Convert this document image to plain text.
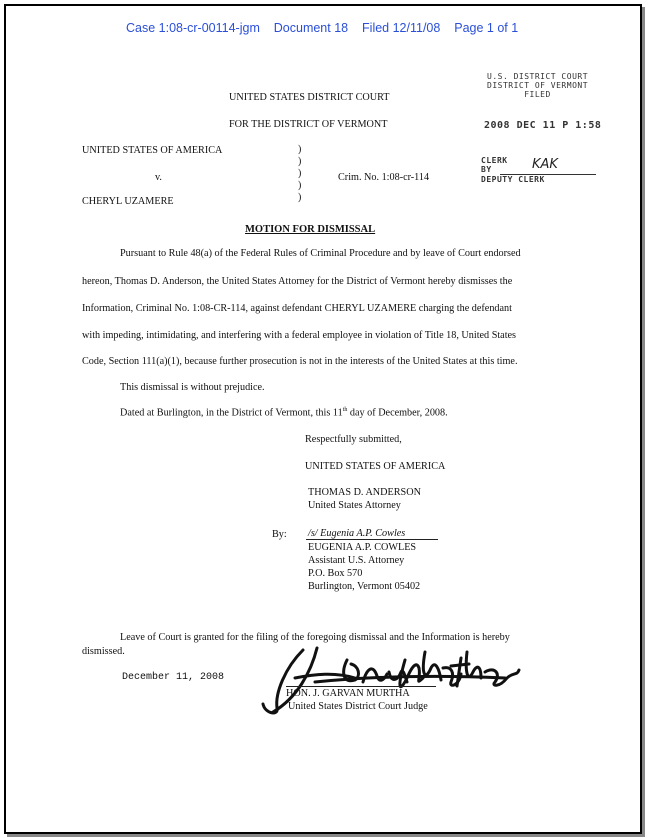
Case 1:08-cr-00114-jgm Document 18 Filed 12/11/08 Page 1 of 1
UNITED STATES DISTRICT COURT
FOR THE DISTRICT OF VERMONT
U.S. DISTRICT COURT
DISTRICT OF VERMONT
FILED
2008 DEC 11 P 1:58
CLERK
BY	KAK
DEPUTY CLERK
UNITED STATES OF AMERICA
v.
CHERYL UZAMERE
)
)
)
)
)
Crim. No. 1:08-cr-114
MOTION FOR DISMISSAL
Pursuant to Rule 48(a) of the Federal Rules of Criminal Procedure and by leave of Court endorsed
hereon, Thomas D. Anderson, the United States Attorney for the District of Vermont hereby dismisses the
Information, Criminal No. 1:08-CR-114, against defendant CHERYL UZAMERE charging the defendant
with impeding, intimidating, and interfering with a federal employee in violation of Title 18, United States
Code, Section 111(a)(1), because further prosecution is not in the interests of the United States at this time.
This dismissal is without prejudice.
Dated at Burlington, in the District of Vermont, this 11th day of December, 2008.
Respectfully submitted,
UNITED STATES OF AMERICA
THOMAS D. ANDERSON
United States Attorney
By: /s/ Eugenia A.P. Cowles
EUGENIA A.P. COWLES
Assistant U.S. Attorney
P.O. Box 570
Burlington, Vermont 05402
Leave of Court is granted for the filing of the foregoing dismissal and the Information is hereby
dismissed.
December 11, 2008
HON. J. GARVAN MURTHA
United States District Court Judge
